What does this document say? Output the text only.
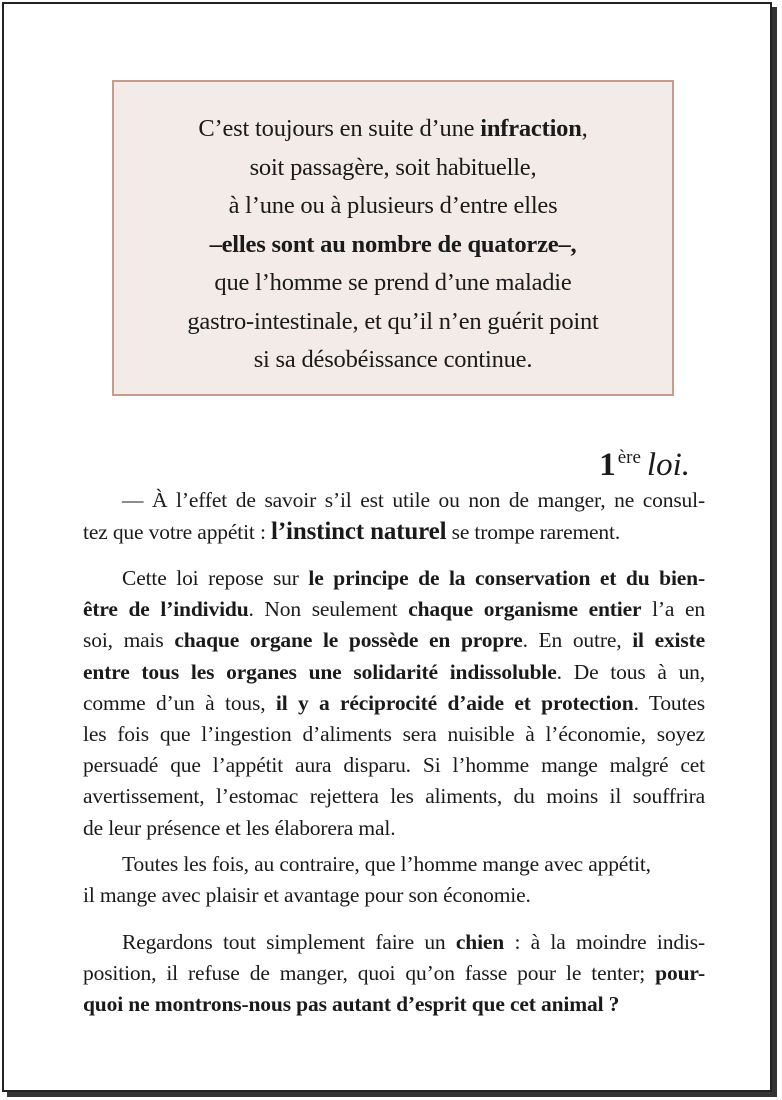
C’est toujours en suite d’une infraction,
soit passagère, soit habituelle,
à l’une ou à plusieurs d’entre elles
–elles sont au nombre de quatorze–,
que l’homme se prend d’une maladie
gastro-intestinale, et qu’il n’en guérit point
si sa désobéissance continue.
1 $^{ère}$ loi.
— À l’effet de savoir s’il est utile ou non de manger, ne consul-
tez que votre appétit : l’instinct naturel se trompe rarement.
Cette loi repose sur le principe de la conservation et du bien-
être de l’individu. Non seulement chaque organisme entier l’a en
soi, mais chaque organe le possède en propre. En outre, il existe
entre tous les organes une solidarité indissoluble. De tous à un,
comme d’un à tous, il y a réciprocité d’aide et protection. Toutes
les fois que l’ingestion d’aliments sera nuisible à l’économie, soyez
persuadé que l’appétit aura disparu. Si l’homme mange malgré cet
avertissement, l’estomac rejettera les aliments, du moins il souffrira
de leur présence et les élaborera mal.
Toutes les fois, au contraire, que l’homme mange avec appétit,
il mange avec plaisir et avantage pour son économie.
Regardons tout simplement faire un chien : à la moindre indis-
position, il refuse de manger, quoi qu’on fasse pour le tenter; pour-
quoi ne montrons-nous pas autant d’esprit que cet animal ?
